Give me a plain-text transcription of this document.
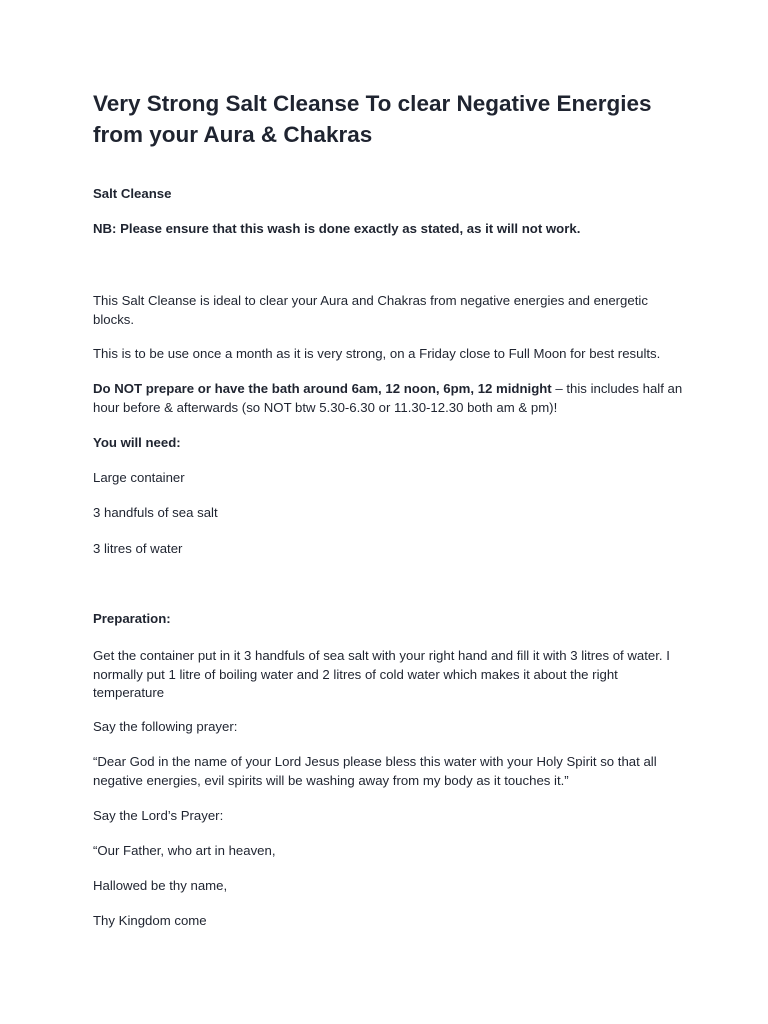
Very Strong Salt Cleanse To clear Negative Energies from your Aura & Chakras

Salt Cleanse

NB: Please ensure that this wash is done exactly as stated, as it will not work.

This Salt Cleanse is ideal to clear your Aura and Chakras from negative energies and energetic blocks.

This is to be use once a month as it is very strong, on a Friday close to Full Moon for best results.

Do NOT prepare or have the bath around 6am, 12 noon, 6pm, 12 midnight – this includes half an hour before & afterwards (so NOT btw 5.30-6.30 or 11.30-12.30 both am & pm)!

You will need:

Large container

3 handfuls of sea salt

3 litres of water

Preparation:

Get the container put in it 3 handfuls of sea salt with your right hand and fill it with 3 litres of water. I normally put 1 litre of boiling water and 2 litres of cold water which makes it about the right temperature

Say the following prayer:

“Dear God in the name of your Lord Jesus please bless this water with your Holy Spirit so that all negative energies, evil spirits will be washing away from my body as it touches it.”

Say the Lord’s Prayer:

“Our Father, who art in heaven,

Hallowed be thy name,

Thy Kingdom come
